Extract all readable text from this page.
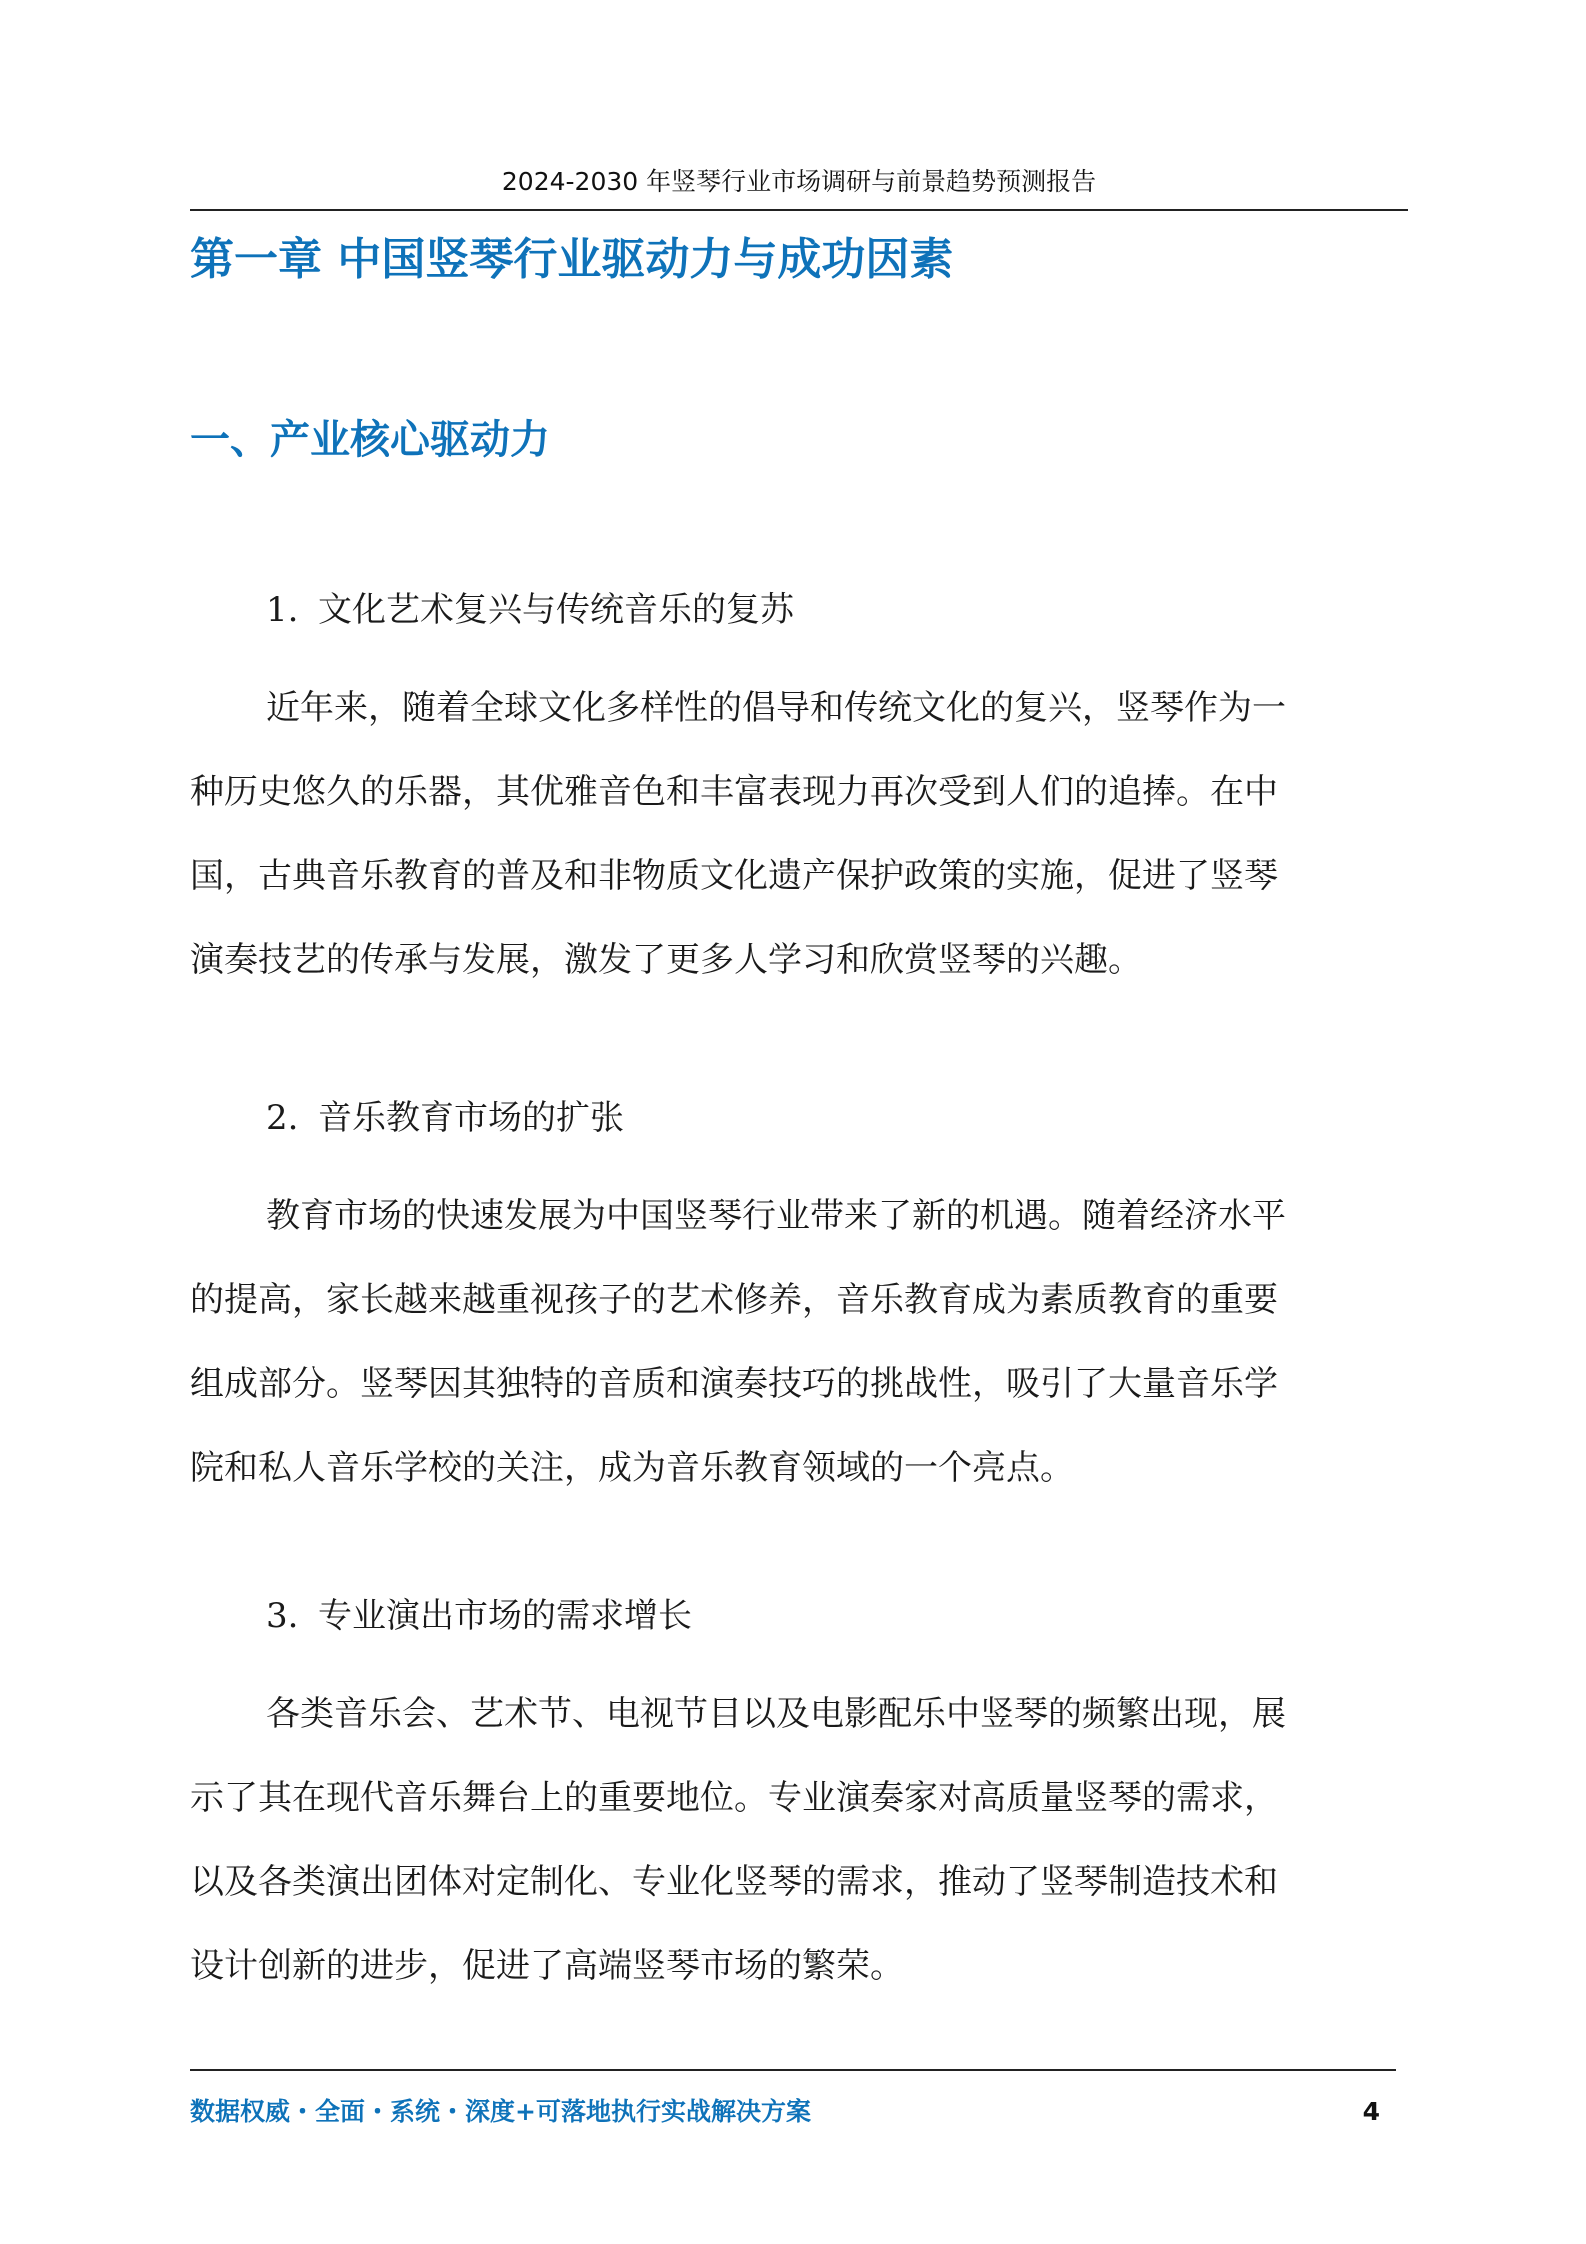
2024-2030 年竖琴行业市场调研与前景趋势预测报告
第一章 中国竖琴行业驱动力与成功因素
一、产业核心驱动力
1. 文化艺术复兴与传统音乐的复苏

近年来，随着全球文化多样性的倡导和传统文化的复兴，竖琴作为一
种历史悠久的乐器，其优雅音色和丰富表现力再次受到人们的追捧。在中
国，古典音乐教育的普及和非物质文化遗产保护政策的实施，促进了竖琴
演奏技艺的传承与发展，激发了更多人学习和欣赏竖琴的兴趣。

2. 音乐教育市场的扩张

教育市场的快速发展为中国竖琴行业带来了新的机遇。随着经济水平
的提高，家长越来越重视孩子的艺术修养，音乐教育成为素质教育的重要
组成部分。竖琴因其独特的音质和演奏技巧的挑战性，吸引了大量音乐学
院和私人音乐学校的关注，成为音乐教育领域的一个亮点。

3. 专业演出市场的需求增长

各类音乐会、艺术节、电视节目以及电影配乐中竖琴的频繁出现，展
示了其在现代音乐舞台上的重要地位。专业演奏家对高质量竖琴的需求，
以及各类演出团体对定制化、专业化竖琴的需求，推动了竖琴制造技术和
设计创新的进步，促进了高端竖琴市场的繁荣。

数据权威・全面・系统・深度+可落地执行实战解决方案	4
